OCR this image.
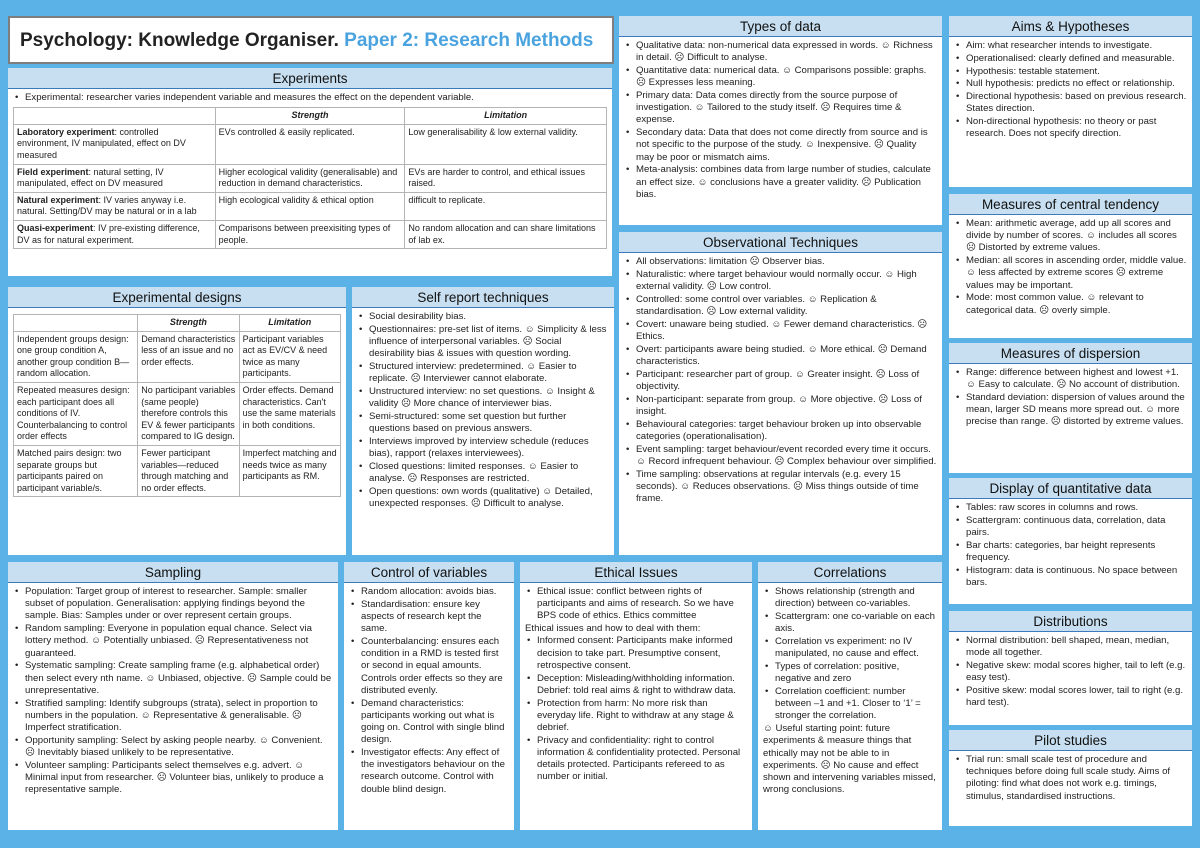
Psychology: Knowledge Organiser. Paper 2: Research Methods
Experiments
• Experimental: researcher varies independent variable and measures the effect on the dependent variable.
	Strength	Limitation
Laboratory experiment: controlled environment, IV manipulated, effect on DV measured	EVs controlled & easily replicated.	Low generalisability & low external validity.
Field experiment: natural setting, IV manipulated, effect on DV measured	Higher ecological validity (generalisable) and reduction in demand characteristics.	EVs are harder to control, and ethical issues raised.
Natural experiment: IV varies anyway i.e. natural. Setting/DV may be natural or in a lab	High ecological validity & ethical option	difficult to replicate.
Quasi-experiment: IV pre-existing difference, DV as for natural experiment.	Comparisons between preexisiting types of people.	No random allocation and can share limitations of lab ex.
Experimental designs
	Strength	Limitation
Independent groups design: one group condition A, another group condition B—random allocation.	Demand characteristics less of an issue and no order effects.	Participant variables act as EV/CV & need twice as many participants.
Repeated measures design: each participant does all conditions of IV. Counterbalancing to control order effects	No participant variables (same people) therefore controls this EV & fewer participants compared to IG design.	Order effects. Demand characteristics. Can't use the same materials in both conditions.
Matched pairs design: two separate groups but participants paired on participant variable/s.	Fewer participant variables—reduced through matching and no order effects.	Imperfect matching and needs twice as many participants as RM.
Self report techniques
• Social desirability bias.
• Questionnaires: pre-set list of items. ☺ Simplicity & less influence of interpersonal variables. ☹ Social desirability bias & issues with question wording.
• Structured interview: predetermined. ☺ Easier to replicate. ☹ Interviewer cannot elaborate.
• Unstructured interview: no set questions. ☺ Insight & validity ☹ More chance of interviewer bias.
• Semi-structured: some set question but further questions based on previous answers.
• Interviews improved by interview schedule (reduces bias), rapport (relaxes interviewees).
• Closed questions: limited responses. ☺ Easier to analyse. ☹ Responses are restricted.
• Open questions: own words (qualitative) ☺ Detailed, unexpected responses. ☹ Difficult to analyse.
Sampling
• Population: Target group of interest to researcher. Sample: smaller subset of population. Generalisation: applying findings beyond the sample. Bias: Samples under or over represent certain groups.
• Random sampling: Everyone in population equal chance. Select via lottery method. ☺ Potentially unbiased. ☹ Representativeness not guaranteed.
• Systematic sampling: Create sampling frame (e.g. alphabetical order) then select every nth name. ☺ Unbiased, objective. ☹ Sample could be unrepresentative.
• Stratified sampling: Identify subgroups (strata), select in proportion to numbers in the population. ☺ Representative & generalisable. ☹ Imperfect stratification.
• Opportunity sampling: Select by asking people nearby. ☺ Convenient. ☹ Inevitably biased unlikely to be representative.
• Volunteer sampling: Participants select themselves e.g. advert. ☺ Minimal input from researcher. ☹ Volunteer bias, unlikely to produce a representative sample.
Control of variables
• Random allocation: avoids bias.
• Standardisation: ensure key aspects of research kept the same.
• Counterbalancing: ensures each condition in a RMD is tested first or second in equal amounts. Controls order effects so they are distributed evenly.
• Demand characteristics: participants working out what is going on. Control with single blind design.
• Investigator effects: Any effect of the investigators behaviour on the research outcome. Control with double blind design.
Types of data
• Qualitative data: non-numerical data expressed in words. ☺ Richness in detail. ☹ Difficult to analyse.
• Quantitative data: numerical data. ☺ Comparisons possible: graphs. ☹ Expresses less meaning.
• Primary data: Data comes directly from the source purpose of investigation. ☺ Tailored to the study itself. ☹ Requires time & expense.
• Secondary data: Data that does not come directly from source and is not specific to the purpose of the study. ☺ Inexpensive. ☹ Quality may be poor or mismatch aims.
• Meta-analysis: combines data from large number of studies, calculate an effect size. ☺ conclusions have a greater validity. ☹ Publication bias.
Observational Techniques
• All observations: limitation ☹ Observer bias.
• Naturalistic: where target behaviour would normally occur. ☺ High external validity. ☹ Low control.
• Controlled: some control over variables. ☺ Replication & standardisation. ☹ Low external validity.
• Covert: unaware being studied. ☺ Fewer demand characteristics. ☹ Ethics.
• Overt: participants aware being studied. ☺ More ethical. ☹ Demand characteristics.
• Participant: researcher part of group. ☺ Greater insight. ☹ Loss of objectivity.
• Non-participant: separate from group. ☺ More objective. ☹ Loss of insight.
• Behavioural categories: target behaviour broken up into observable categories (operationalisation).
• Event sampling: target behaviour/event recorded every time it occurs. ☺ Record infrequent behaviour. ☹ Complex behaviour over simplified.
• Time sampling: observations at regular intervals (e.g. every 15 seconds). ☺ Reduces observations. ☹ Miss things outside of time frame.
Ethical Issues
• Ethical issue: conflict between rights of participants and aims of research. So we have BPS code of ethics. Ethics committee
Ethical issues and how to deal with them:
• Informed consent: Participants make informed decision to take part. Presumptive consent, retrospective consent.
• Deception: Misleading/withholding information. Debrief: told real aims & right to withdraw data.
• Protection from harm: No more risk than everyday life. Right to withdraw at any stage & debrief.
• Privacy and confidentiality: right to control information & confidentiality protected. Personal details protected. Participants refereed to as number or initial.
Correlations
• Shows relationship (strength and direction) between co-variables.
• Scattergram: one co-variable on each axis.
• Correlation vs experiment: no IV manipulated, no cause and effect.
• Types of correlation: positive, negative and zero
• Correlation coefficient: number between –1 and +1. Closer to ‘1’ = stronger the correlation.
☺ Useful starting point: future experiments & measure things that ethically may not be able to in experiments. ☹ No cause and effect shown and intervening variables missed, wrong conclusions.
Aims & Hypotheses
• Aim: what researcher intends to investigate.
• Operationalised: clearly defined and measurable.
• Hypothesis: testable statement.
• Null hypothesis: predicts no effect or relationship.
• Directional hypothesis: based on previous research. States direction.
• Non-directional hypothesis: no theory or past research. Does not specify direction.
Measures of central tendency
• Mean: arithmetic average, add up all scores and divide by number of scores. ☺ includes all scores ☹ Distorted by extreme values.
• Median: all scores in ascending order, middle value. ☺ less affected by extreme scores ☹ extreme values may be important.
• Mode: most common value. ☺ relevant to categorical data. ☹ overly simple.
Measures of dispersion
• Range: difference between highest and lowest +1. ☺ Easy to calculate. ☹ No account of distribution.
• Standard deviation: dispersion of values around the mean, larger SD means more spread out. ☺ more precise than range. ☹ distorted by extreme values.
Display of quantitative data
• Tables: raw scores in columns and rows.
• Scattergram: continuous data, correlation, data pairs.
• Bar charts: categories, bar height represents frequency.
• Histogram: data is continuous. No space between bars.
Distributions
• Normal distribution: bell shaped, mean, median, mode all together.
• Negative skew: modal scores higher, tail to left (e.g. easy test).
• Positive skew: modal scores lower, tail to right (e.g. hard test).
Pilot studies
• Trial run: small scale test of procedure and techniques before doing full scale study. Aims of piloting: find what does not work e.g. timings, stimulus, standardised instructions.
